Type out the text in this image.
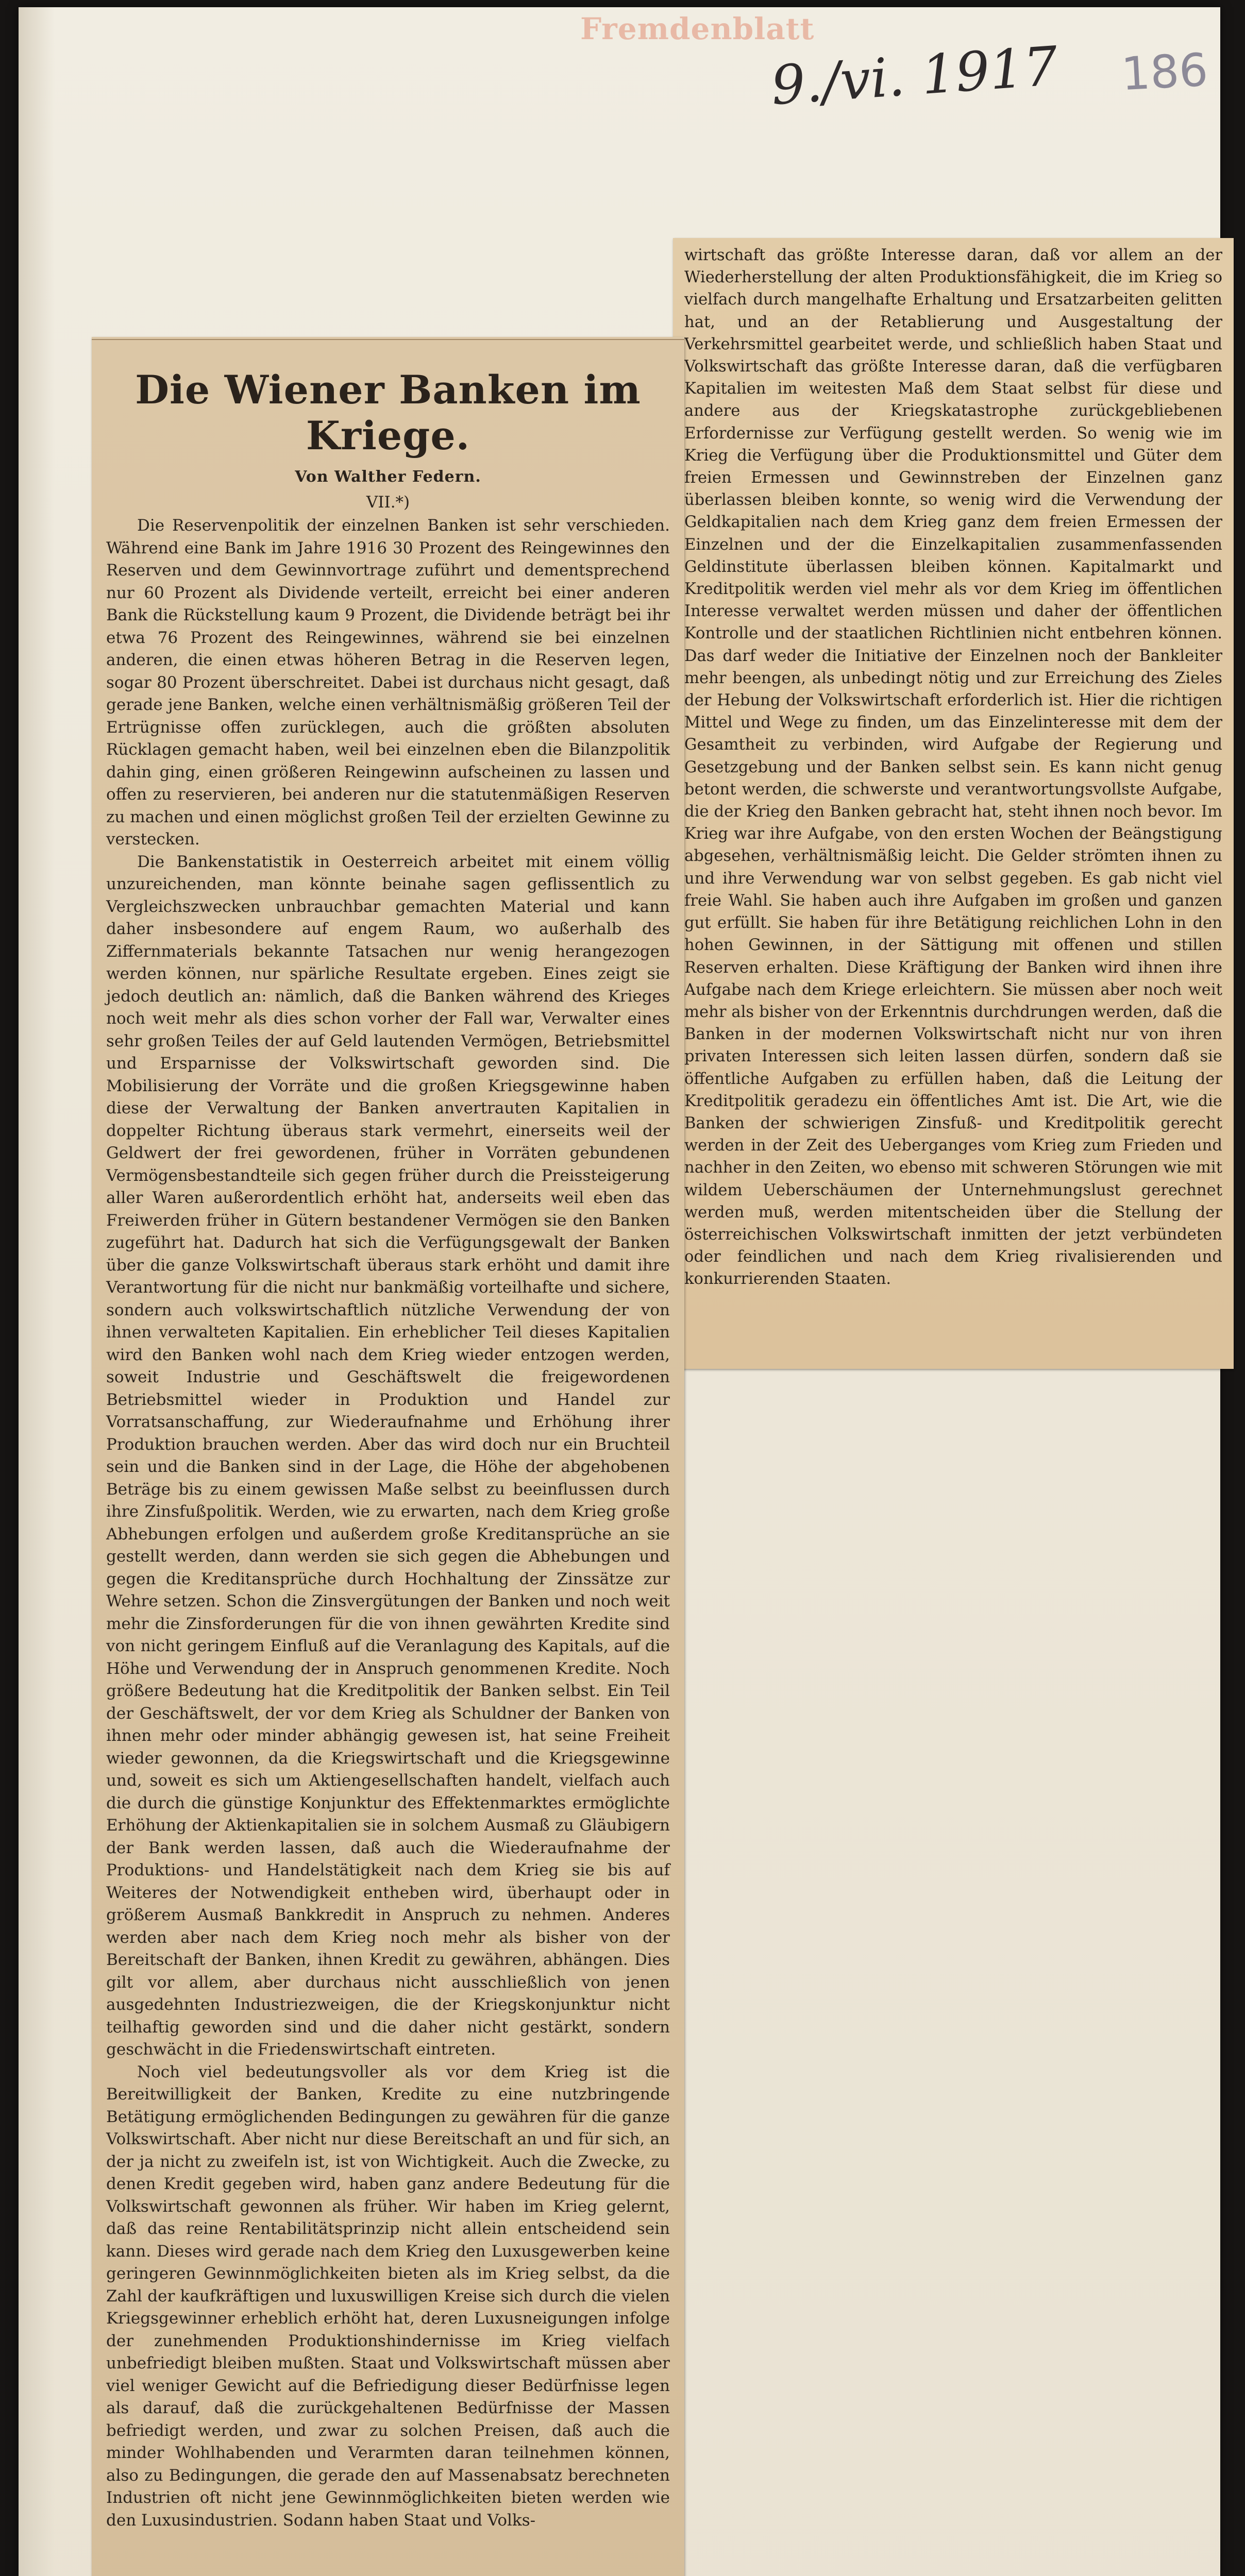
Fremdenblatt
9./vi. 1917 186

wirtschaft das größte Interesse daran, daß vor allem an der Wiederherstellung der alten Produktionsfähigkeit, die im Krieg so vielfach durch mangelhafte Erhaltung und Ersatzarbeiten gelitten hat, und an der Retablierung und Ausgestaltung der Verkehrsmittel gearbeitet werde, und schließlich haben Staat und Volkswirtschaft das größte Interesse daran, daß die verfügbaren Kapitalien im weitesten Maß dem Staat selbst für diese und andere aus der Kriegskatastrophe zurückgebliebenen Erfordernisse zur Verfügung gestellt werden. So wenig wie im Krieg die Verfügung über die Produktionsmittel und Güter dem freien Ermessen und Gewinnstreben der Einzelnen ganz überlassen bleiben konnte, so wenig wird die Verwendung der Geldkapitalien nach dem Krieg ganz dem freien Ermessen der Einzelnen und der die Einzelkapitalien zusammenfassenden Geldinstitute überlassen bleiben können. Kapitalmarkt und Kreditpolitik werden viel mehr als vor dem Krieg im öffentlichen Interesse verwaltet werden müssen und daher der öffentlichen Kontrolle und der staatlichen Richtlinien nicht entbehren können. Das darf weder die Initiative der Einzelnen noch der Bankleiter mehr beengen, als unbedingt nötig und zur Erreichung des Zieles der Hebung der Volkswirtschaft erforderlich ist. Hier die richtigen Mittel und Wege zu finden, um das Einzelinteresse mit dem der Gesamtheit zu verbinden, wird Aufgabe der Regierung und Gesetzgebung und der Banken selbst sein. Es kann nicht genug betont werden, die schwerste und verantwortungsvollste Aufgabe, die der Krieg den Banken gebracht hat, steht ihnen noch bevor. Im Krieg war ihre Aufgabe, von den ersten Wochen der Beängstigung abgesehen, verhältnismäßig leicht. Die Gelder strömten ihnen zu und ihre Verwendung war von selbst gegeben. Es gab nicht viel freie Wahl. Sie haben auch ihre Aufgaben im großen und ganzen gut erfüllt. Sie haben für ihre Betätigung reichlichen Lohn in den hohen Gewinnen, in der Sättigung mit offenen und stillen Reserven erhalten. Diese Kräftigung der Banken wird ihnen ihre Aufgabe nach dem Kriege erleichtern. Sie müssen aber noch weit mehr als bisher von der Erkenntnis durchdrungen werden, daß die Banken in der modernen Volkswirtschaft nicht nur von ihren privaten Interessen sich leiten lassen dürfen, sondern daß sie öffentliche Aufgaben zu erfüllen haben, daß die Leitung der Kreditpolitik geradezu ein öffentliches Amt ist. Die Art, wie die Banken der schwierigen Zinsfuß- und Kreditpolitik gerecht werden in der Zeit des Ueberganges vom Krieg zum Frieden und nachher in den Zeiten, wo ebenso mit schweren Störungen wie mit wildem Ueberschäumen der Unternehmungslust gerechnet werden muß, werden mitentscheiden über die Stellung der österreichischen Volkswirtschaft inmitten der jetzt verbündeten oder feindlichen und nach dem Krieg rivalisierenden und konkurrierenden Staaten.

Die Wiener Banken im Kriege.
Von Walther Federn.
VII.*)

Die Reservenpolitik der einzelnen Banken ist sehr verschieden. Während eine Bank im Jahre 1916 30 Prozent des Reingewinnes den Reserven und dem Gewinnvortrage zuführt und dementsprechend nur 60 Prozent als Dividende verteilt, erreicht bei einer anderen Bank die Rückstellung kaum 9 Prozent, die Dividende beträgt bei ihr etwa 76 Prozent des Reingewinnes, während sie bei einzelnen anderen, die einen etwas höheren Betrag in die Reserven legen, sogar 80 Prozent überschreitet. Dabei ist durchaus nicht gesagt, daß gerade jene Banken, welche einen verhältnismäßig größeren Teil der Ertrügnisse offen zurücklegen, auch die größten absoluten Rücklagen gemacht haben, weil bei einzelnen eben die Bilanzpolitik dahin ging, einen größeren Reingewinn aufscheinen zu lassen und offen zu reservieren, bei anderen nur die statutenmäßigen Reserven zu machen und einen möglichst großen Teil der erzielten Gewinne zu verstecken.

Die Bankenstatistik in Oesterreich arbeitet mit einem völlig unzureichenden, man könnte beinahe sagen geflissentlich zu Vergleichszwecken unbrauchbar gemachten Material und kann daher insbesondere auf engem Raum, wo außerhalb des Ziffernmaterials bekannte Tatsachen nur wenig herangezogen werden können, nur spärliche Resultate ergeben. Eines zeigt sie jedoch deutlich an: nämlich, daß die Banken während des Krieges noch weit mehr als dies schon vorher der Fall war, Verwalter eines sehr großen Teiles der auf Geld lautenden Vermögen, Betriebsmittel und Ersparnisse der Volkswirtschaft geworden sind. Die Mobilisierung der Vorräte und die großen Kriegsgewinne haben diese der Verwaltung der Banken anvertrauten Kapitalien in doppelter Richtung überaus stark vermehrt, einerseits weil der Geldwert der frei gewordenen, früher in Vorräten gebundenen Vermögensbestandteile sich gegen früher durch die Preissteigerung aller Waren außerordentlich erhöht hat, anderseits weil eben das Freiwerden früher in Gütern bestandener Vermögen sie den Banken zugeführt hat. Dadurch hat sich die Verfügungsgewalt der Banken über die ganze Volkswirtschaft überaus stark erhöht und damit ihre Verantwortung für die nicht nur bankmäßig vorteilhafte und sichere, sondern auch volkswirtschaftlich nützliche Verwendung der von ihnen verwalteten Kapitalien. Ein erheblicher Teil dieses Kapitalien wird den Banken wohl nach dem Krieg wieder entzogen werden, soweit Industrie und Geschäftswelt die freigewordenen Betriebsmittel wieder in Produktion und Handel zur Vorratsanschaffung, zur Wiederaufnahme und Erhöhung ihrer Produktion brauchen werden. Aber das wird doch nur ein Bruchteil sein und die Banken sind in der Lage, die Höhe der abgehobenen Beträge bis zu einem gewissen Maße selbst zu beeinflussen durch ihre Zinsfußpolitik. Werden, wie zu erwarten, nach dem Krieg große Abhebungen erfolgen und außerdem große Kreditansprüche an sie gestellt werden, dann werden sie sich gegen die Abhebungen und gegen die Kreditansprüche durch Hochhaltung der Zinssätze zur Wehre setzen. Schon die Zinsvergütungen der Banken und noch weit mehr die Zinsforderungen für die von ihnen gewährten Kredite sind von nicht geringem Einfluß auf die Veranlagung des Kapitals, auf die Höhe und Verwendung der in Anspruch genommenen Kredite. Noch größere Bedeutung hat die Kreditpolitik der Banken selbst. Ein Teil der Geschäftswelt, der vor dem Krieg als Schuldner der Banken von ihnen mehr oder minder abhängig gewesen ist, hat seine Freiheit wieder gewonnen, da die Kriegswirtschaft und die Kriegsgewinne und, soweit es sich um Aktiengesellschaften handelt, vielfach auch die durch die günstige Konjunktur des Effektenmarktes ermöglichte Erhöhung der Aktienkapitalien sie in solchem Ausmaß zu Gläubigern der Bank werden lassen, daß auch die Wiederaufnahme der Produktions- und Handelstätigkeit nach dem Krieg sie bis auf Weiteres der Notwendigkeit entheben wird, überhaupt oder in größerem Ausmaß Bankkredit in Anspruch zu nehmen. Anderes werden aber nach dem Krieg noch mehr als bisher von der Bereitschaft der Banken, ihnen Kredit zu gewähren, abhängen. Dies gilt vor allem, aber durchaus nicht ausschließlich von jenen ausgedehnten Industriezweigen, die der Kriegskonjunktur nicht teilhaftig geworden sind und die daher nicht gestärkt, sondern geschwächt in die Friedenswirtschaft eintreten.

Noch viel bedeutungsvoller als vor dem Krieg ist die Bereitwilligkeit der Banken, Kredite zu eine nutzbringende Betätigung ermöglichenden Bedingungen zu gewähren für die ganze Volkswirtschaft. Aber nicht nur diese Bereitschaft an und für sich, an der ja nicht zu zweifeln ist, ist von Wichtigkeit. Auch die Zwecke, zu denen Kredit gegeben wird, haben ganz andere Bedeutung für die Volkswirtschaft gewonnen als früher. Wir haben im Krieg gelernt, daß das reine Rentabilitätsprinzip nicht allein entscheidend sein kann. Dieses wird gerade nach dem Krieg den Luxusgewerben keine geringeren Gewinnmöglichkeiten bieten als im Krieg selbst, da die Zahl der kaufkräftigen und luxuswilligen Kreise sich durch die vielen Kriegsgewinner erheblich erhöht hat, deren Luxusneigungen infolge der zunehmenden Produktionshindernisse im Krieg vielfach unbefriedigt bleiben mußten. Staat und Volkswirtschaft müssen aber viel weniger Gewicht auf die Befriedigung dieser Bedürfnisse legen als darauf, daß die zurückgehaltenen Bedürfnisse der Massen befriedigt werden, und zwar zu solchen Preisen, daß auch die minder Wohlhabenden und Verarmten daran teilnehmen können, also zu Bedingungen, die gerade den auf Massenabsatz berechneten Industrien oft nicht jene Gewinnmöglichkeiten bieten werden wie den Luxusindustrien. Sodann haben Staat und Volks-
